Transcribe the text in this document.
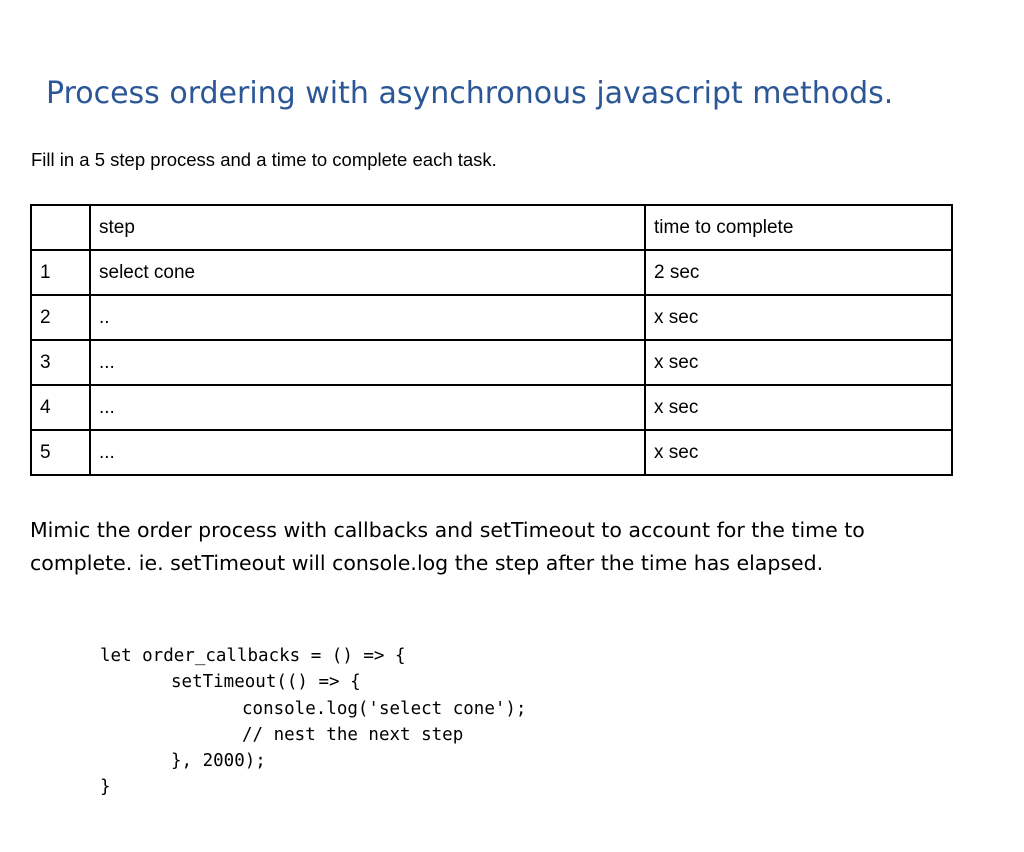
Process ordering with asynchronous javascript methods.

Fill in a 5 step process and a time to complete each task.

	step	time to complete
1	select cone	2 sec
2	..	x sec
3	...	x sec
4	...	x sec
5	...	x sec

Mimic the order process with callbacks and setTimeout to account for the time to complete. ie. setTimeout will console.log the step after the time has elapsed.

let order_callbacks = () => {
setTimeout(() => {
console.log('select cone');
// nest the next step
}, 2000);
}
